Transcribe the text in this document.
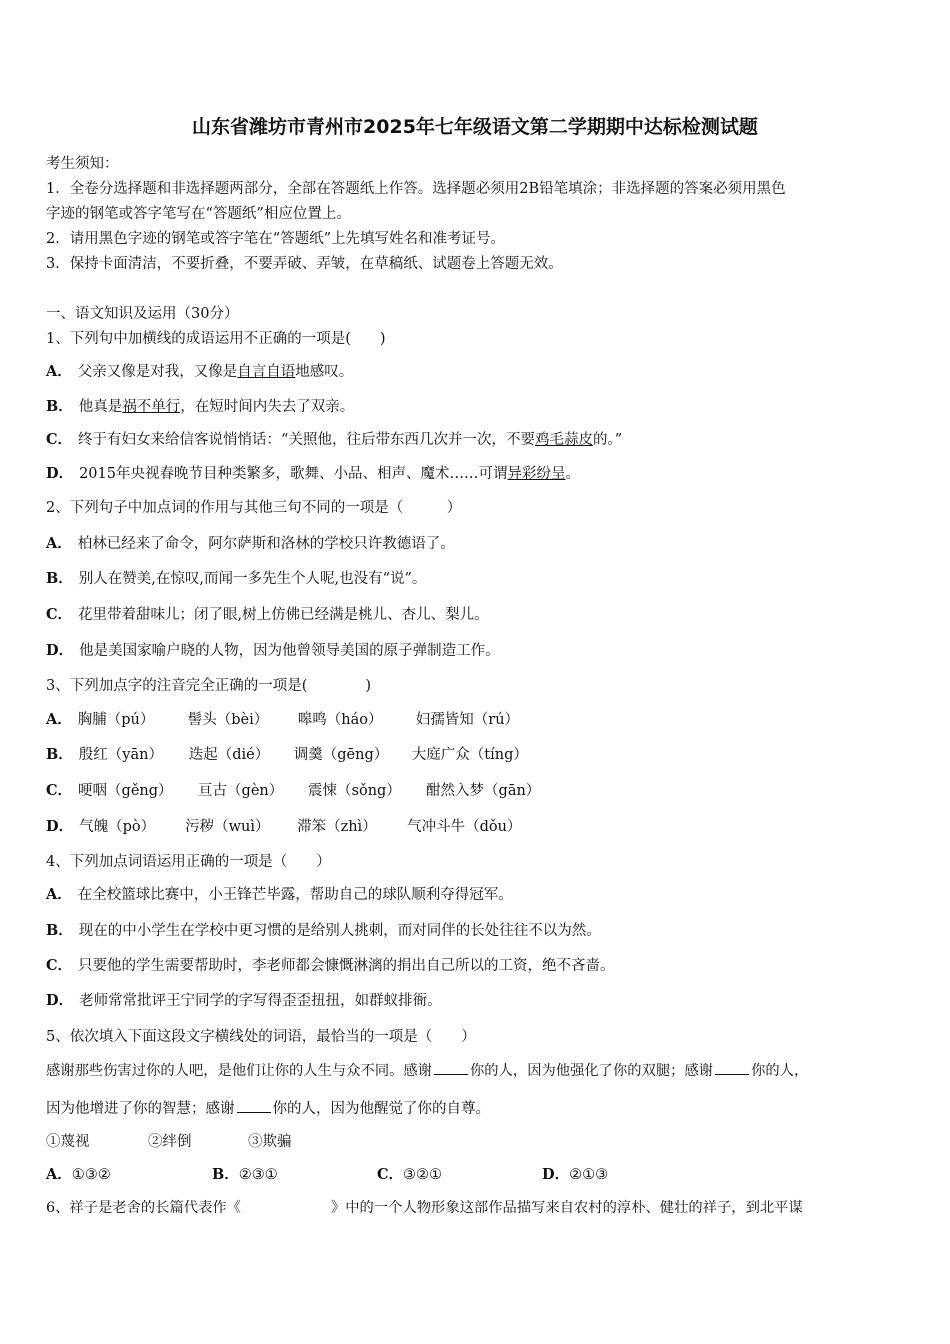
山东省潍坊市青州市2025年七年级语文第二学期期中达标检测试题
考生须知：
1．全卷分选择题和非选择题两部分，全部在答题纸上作答。选择题必须用2B铅笔填涂；非选择题的答案必须用黑色
字迹的钢笔或答字笔写在“答题纸”相应位置上。
2．请用黑色字迹的钢笔或答字笔在“答题纸”上先填写姓名和准考证号。
3．保持卡面清洁，不要折叠，不要弄破、弄皱，在草稿纸、试题卷上答题无效。
一、语文知识及运用（30分）
1、下列句中加横线的成语运用不正确的一项是(　　)
A． 父亲又像是对我，又像是自言自语地感叹。
B． 他真是祸不单行，在短时间内失去了双亲。
C． 终于有妇女来给信客说悄悄话：“关照他，往后带东西几次并一次，不要鸡毛蒜皮的。”
D． 2015年央视春晚节目种类繁多，歌舞、小品、相声、魔术……可谓异彩纷呈。
2、下列句子中加点词的作用与其他三句不同的一项是（　　　）
A． 柏林已经来了命令，阿尔萨斯和洛林的学校只许教德语了。
B． 别人在赞美,在惊叹,而闻一多先生个人呢,也没有“说”。
C． 花里带着甜味儿；闭了眼,树上仿佛已经满是桃儿、杏儿、梨儿。
D． 他是美国家喻户晓的人物，因为他曾领导美国的原子弹制造工作。
3、下列加点字的注音完全正确的一项是(　　　　)
A． 胸脯（pú） 髻头（bèi） 嗥鸣（háo） 妇孺皆知（rú）
B． 殷红（yān） 迭起（dié） 调羹（gēng） 大庭广众（tíng）
C． 哽咽（gěng） 亘古（gèn） 震悚（sǒng） 酣然入梦（gān）
D． 气魄（pò） 污秽（wuì） 滞笨（zhì） 气冲斗牛（dǒu）
4、下列加点词语运用正确的一项是（　　）
A． 在全校篮球比赛中，小王锋芒毕露，帮助自己的球队顺利夺得冠军。
B． 现在的中小学生在学校中更习惯的是给别人挑刺，而对同伴的长处往往不以为然。
C． 只要他的学生需要帮助时，李老师都会慷慨淋漓的捐出自己所以的工资，绝不吝啬。
D． 老师常常批评王宁同学的字写得歪歪扭扭，如群蚁排衙。
5、依次填入下面这段文字横线处的词语，最恰当的一项是（　　）
感谢那些伤害过你的人吧，是他们让你的人生与众不同。感谢	你的人，因为他强化了你的双腿；感谢	你的人，
因为他增进了你的智慧；感谢	你的人，因为他醒觉了你的自尊。
①蔑视	②绊倒	③欺骗
A．①③②	B．②③①	C．③②①	D．②①③
6、祥子是老舍的长篇代表作《	》中的一个人物形象这部作品描写来自农村的淳朴、健壮的祥子，到北平谋
